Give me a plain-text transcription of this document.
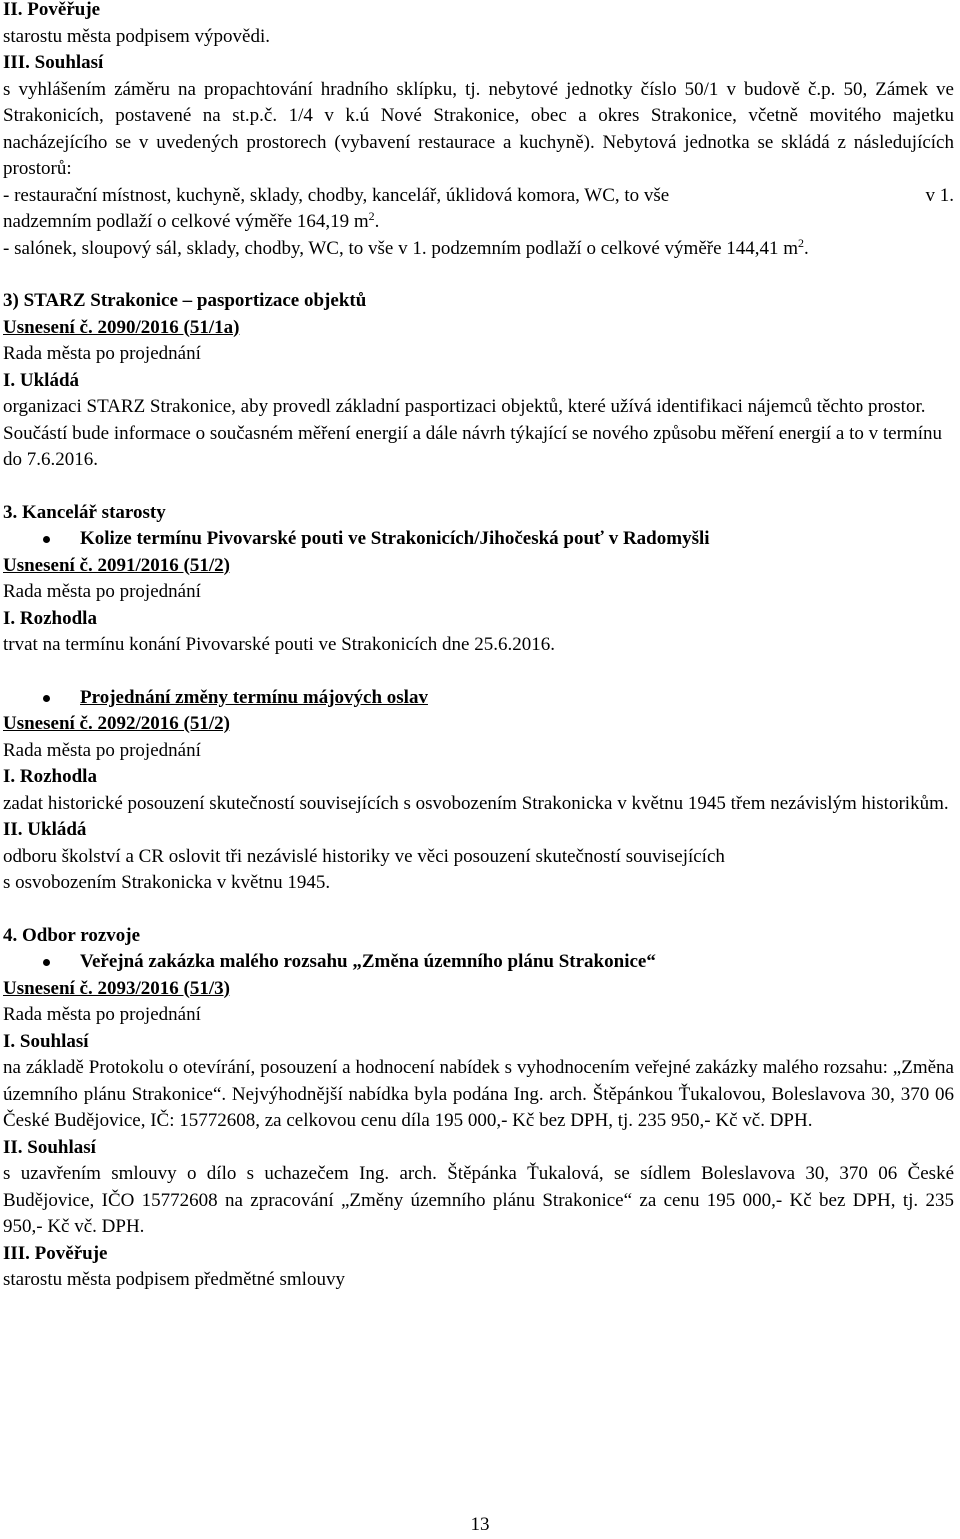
II. Pověřuje

starostu města podpisem výpovědi.

III. Souhlasí

s vyhlášením záměru na propachtování hradního sklípku, tj. nebytové jednotky číslo 50/1 v budově č.p. 50, Zámek ve Strakonicích, postavené na st.p.č. 1/4 v k.ú Nové Strakonice, obec a okres Strakonice, včetně movitého majetku nacházejícího se v uvedených prostorech (vybavení restaurace a kuchyně). Nebytová jednotka se skládá z následujících prostorů:

- restaurační místnost, kuchyně, sklady, chodby, kancelář, úklidová komora, WC, to vše	v 1.

nadzemním podlaží o celkové výměře 164,19 $m^2$.

- salónek, sloupový sál, sklady, chodby, WC, to vše v 1. podzemním podlaží o celkové výměře 144,41 $m^2$.

3) STARZ Strakonice – pasportizace objektů

Usnesení č. 2090/2016 (51/1a)

Rada města po projednání

I. Ukládá

organizaci STARZ Strakonice, aby provedl základní pasportizaci objektů, které užívá identifikaci nájemců těchto prostor. Součástí bude informace o současném měření energií a dále návrh týkající se nového způsobu měření energií a to v termínu do 7.6.2016.

3. Kancelář starosty

Kolize termínu Pivovarské pouti ve Strakonicích/Jihočeská pouť v Radomyšli

Usnesení č. 2091/2016 (51/2)

Rada města po projednání

I. Rozhodla

trvat na termínu konání Pivovarské pouti ve Strakonicích dne 25.6.2016.

Projednání změny termínu májových oslav

Usnesení č. 2092/2016 (51/2)

Rada města po projednání

I. Rozhodla

zadat historické posouzení skutečností souvisejících s osvobozením Strakonicka v květnu 1945 třem nezávislým historikům.

II. Ukládá

odboru školství a CR oslovit tři nezávislé historiky ve věci posouzení skutečností souvisejících

s osvobozením Strakonicka v květnu 1945.

4. Odbor rozvoje

Veřejná zakázka malého rozsahu „Změna územního plánu Strakonice“

Usnesení č. 2093/2016 (51/3)

Rada města po projednání

I. Souhlasí

na základě Protokolu o otevírání, posouzení a hodnocení nabídek s vyhodnocením veřejné zakázky malého rozsahu: „Změna územního plánu Strakonice“. Nejvýhodnější nabídka byla podána Ing. arch. Štěpánkou Ťukalovou, Boleslavova 30, 370 06 České Budějovice, IČ: 15772608, za celkovou cenu díla 195 000,- Kč bez DPH, tj. 235 950,- Kč vč. DPH.

II. Souhlasí

s uzavřením smlouvy o dílo s uchazečem Ing. arch. Štěpánka Ťukalová, se sídlem Boleslavova 30, 370 06 České Budějovice, IČO 15772608 na zpracování „Změny územního plánu Strakonice“ za cenu 195 000,- Kč bez DPH, tj. 235 950,- Kč vč. DPH.

III. Pověřuje

starostu města podpisem předmětné smlouvy

13
